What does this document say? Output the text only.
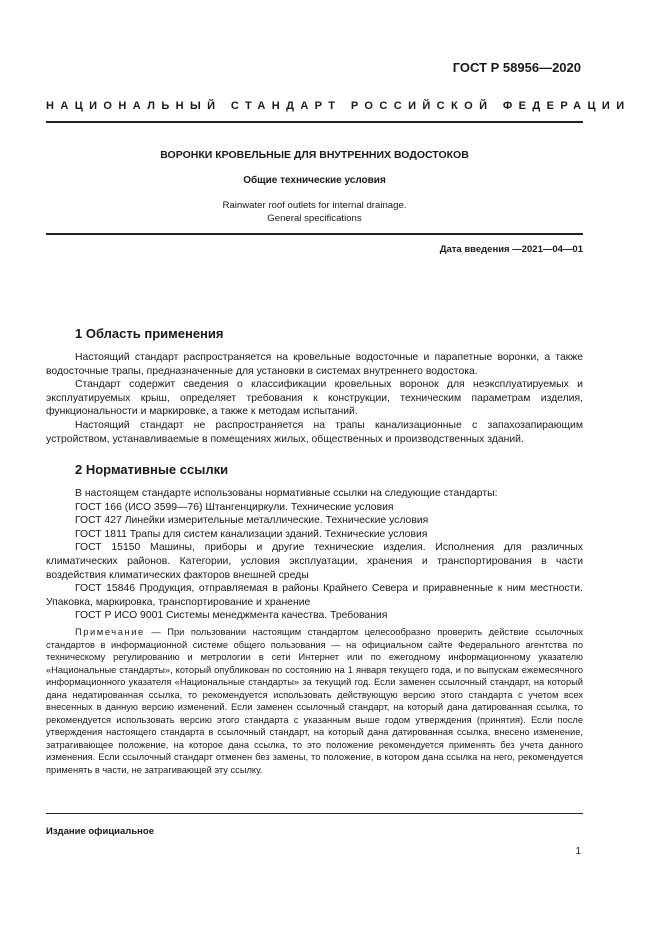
ГОСТ Р 58956—2020
НАЦИОНАЛЬНЫЙ СТАНДАРТ РОССИЙСКОЙ ФЕДЕРАЦИИ
ВОРОНКИ КРОВЕЛЬНЫЕ ДЛЯ ВНУТРЕННИХ ВОДОСТОКОВ
Общие технические условия
Rainwater roof outlets for internal drainage.
General specifications
Дата введения —2021—04—01
1 Область применения

Настоящий стандарт распространяется на кровельные водосточные и парапетные воронки, а также водосточные трапы, предназначенные для установки в системах внутреннего водостока.

Стандарт содержит сведения о классификации кровельных воронок для неэксплуатируемых и эксплуатируемых крыш, определяет требования к конструкции, техническим параметрам изделия, функциональности и маркировке, а также к методам испытаний.

Настоящий стандарт не распространяется на трапы канализационные с запахозапирающим устройством, устанавливаемые в помещениях жилых, общественных и производственных зданий.

2 Нормативные ссылки

В настоящем стандарте использованы нормативные ссылки на следующие стандарты:

ГОСТ 166 (ИСО 3599—76) Штангенциркули. Технические условия

ГОСТ 427 Линейки измерительные металлические. Технические условия

ГОСТ 1811 Трапы для систем канализации зданий. Технические условия

ГОСТ 15150 Машины, приборы и другие технические изделия. Исполнения для различных климатических районов. Категории, условия эксплуатации, хранения и транспортирования в части воздействия климатических факторов внешней среды

ГОСТ 15846 Продукция, отправляемая в районы Крайнего Севера и приравненные к ним местности. Упаковка, маркировка, транспортирование и хранение

ГОСТ Р ИСО 9001 Системы менеджмента качества. Требования

Примечание — При пользовании настоящим стандартом целесообразно проверить действие ссылочных стандартов в информационной системе общего пользования — на официальном сайте Федерального агентства по техническому регулированию и метрологии в сети Интернет или по ежегодному информационному указателю «Национальные стандарты», который опубликован по состоянию на 1 января текущего года, и по выпускам ежемесячного информационного указателя «Национальные стандарты» за текущий год. Если заменен ссылочный стандарт, на который дана недатированная ссылка, то рекомендуется использовать действующую версию этого стандарта с учетом всех внесенных в данную версию изменений. Если заменен ссылочный стандарт, на который дана датированная ссылка, то рекомендуется использовать версию этого стандарта с указанным выше годом утверждения (принятия). Если после утверждения настоящего стандарта в ссылочный стандарт, на который дана датированная ссылка, внесено изменение, затрагивающее положение, на которое дана ссылка, то это положение рекомендуется применять без учета данного изменения. Если ссылочный стандарт отменен без замены, то положение, в котором дана ссылка на него, рекомендуется применять в части, не затрагивающей эту ссылку.

Издание официальное
1
